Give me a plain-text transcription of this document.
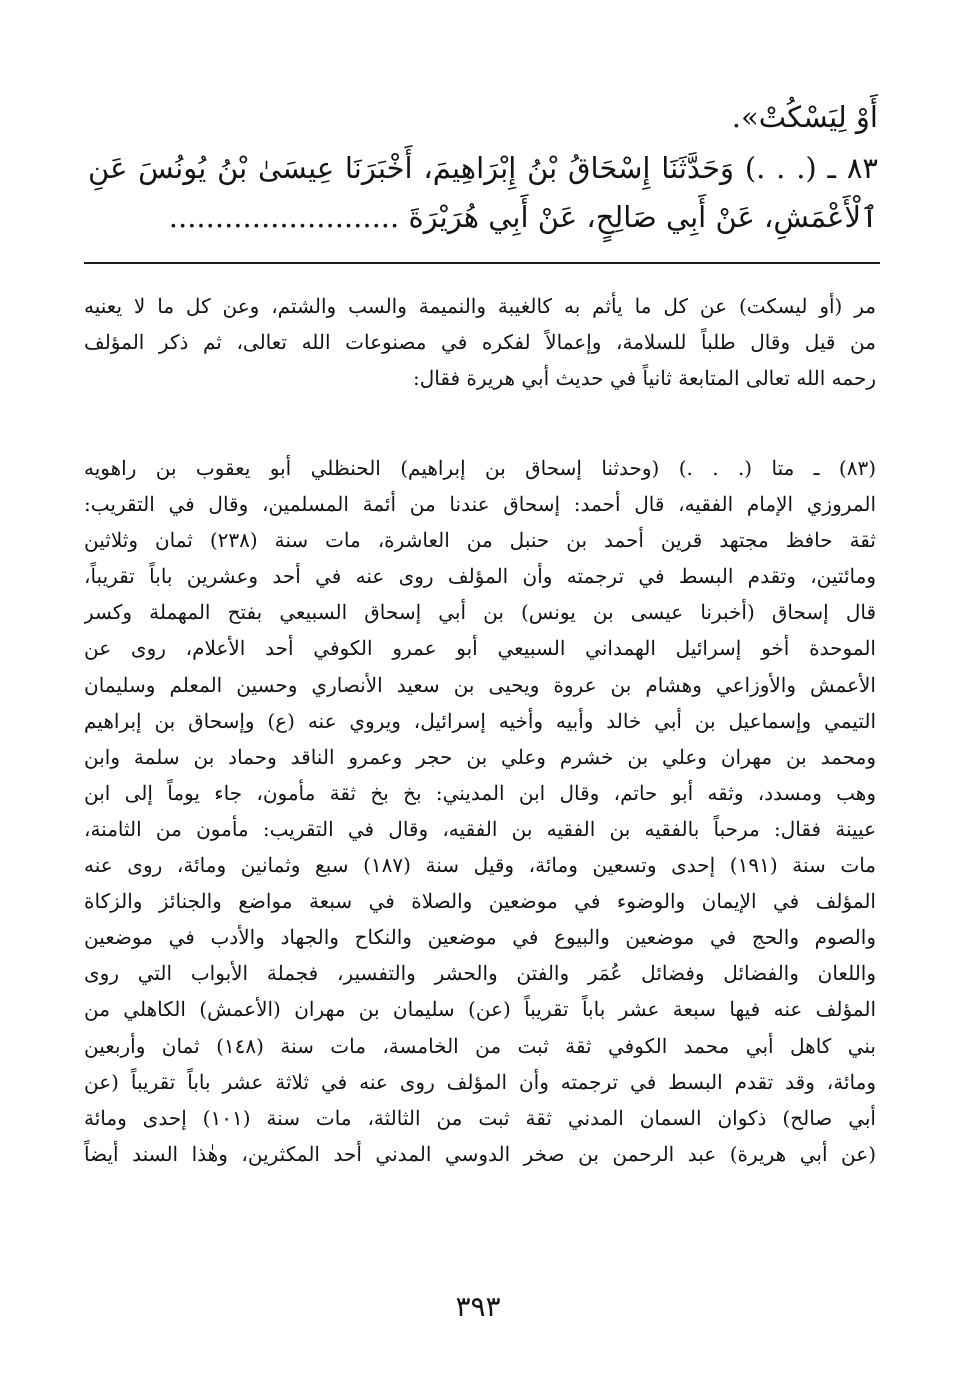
أَوْ لِيَسْكُتْ».
٨٣ ـ (. . .) وَحَدَّثَنَا إِسْحَاقُ بْنُ إِبْرَاهِيمَ، أَخْبَرَنَا عِيسَىٰ بْنُ يُونُسَ عَنِ
ٱلْأَعْمَشِ، عَنْ أَبِي صَالِحٍ، عَنْ أَبِي هُرَيْرَةَ .........................
مر (أو ليسكت) عن كل ما يأثم به كالغيبة والنميمة والسب والشتم، وعن كل ما لا يعنيه
من قيل وقال طلباً للسلامة، وإعمالاً لفكره في مصنوعات الله تعالى، ثم ذكر المؤلف
رحمه الله تعالى المتابعة ثانياً في حديث أبي هريرة فقال:
(٨٣) ـ متا (. . .) (وحدثنا إسحاق بن إبراهيم) الحنظلي أبو يعقوب بن راهويه
المروزي الإمام الفقيه، قال أحمد: إسحاق عندنا من أئمة المسلمين، وقال في التقريب:
ثقة حافظ مجتهد قرين أحمد بن حنبل من العاشرة، مات سنة (٢٣٨) ثمان وثلاثين
ومائتين، وتقدم البسط في ترجمته وأن المؤلف روى عنه في أحد وعشرين باباً تقريباً،
قال إسحاق (أخبرنا عيسى بن يونس) بن أبي إسحاق السبيعي بفتح المهملة وكسر
الموحدة أخو إسرائيل الهمداني السبيعي أبو عمرو الكوفي أحد الأعلام، روى عن
الأعمش والأوزاعي وهشام بن عروة ويحيى بن سعيد الأنصاري وحسين المعلم وسليمان
التيمي وإسماعيل بن أبي خالد وأبيه وأخيه إسرائيل، ويروي عنه (ع) وإسحاق بن إبراهيم
ومحمد بن مهران وعلي بن خشرم وعلي بن حجر وعمرو الناقد وحماد بن سلمة وابن
وهب ومسدد، وثقه أبو حاتم، وقال ابن المديني: بخ بخ ثقة مأمون، جاء يوماً إلى ابن
عيينة فقال: مرحباً بالفقيه بن الفقيه بن الفقيه، وقال في التقريب: مأمون من الثامنة،
مات سنة (١٩١) إحدى وتسعين ومائة، وقيل سنة (١٨٧) سبع وثمانين ومائة، روى عنه
المؤلف في الإيمان والوضوء في موضعين والصلاة في سبعة مواضع والجنائز والزكاة
والصوم والحج في موضعين والبيوع في موضعين والنكاح والجهاد والأدب في موضعين
واللعان والفضائل وفضائل عُمَر والفتن والحشر والتفسير، فجملة الأبواب التي روى
المؤلف عنه فيها سبعة عشر باباً تقريباً (عن) سليمان بن مهران (الأعمش) الكاهلي من
بني كاهل أبي محمد الكوفي ثقة ثبت من الخامسة، مات سنة (١٤٨) ثمان وأربعين
ومائة، وقد تقدم البسط في ترجمته وأن المؤلف روى عنه في ثلاثة عشر باباً تقريباً (عن
أبي صالح) ذكوان السمان المدني ثقة ثبت من الثالثة، مات سنة (١٠١) إحدى ومائة
(عن أبي هريرة) عبد الرحمن بن صخر الدوسي المدني أحد المكثرين، وهٰذا السند أيضاً
٣٩٣
